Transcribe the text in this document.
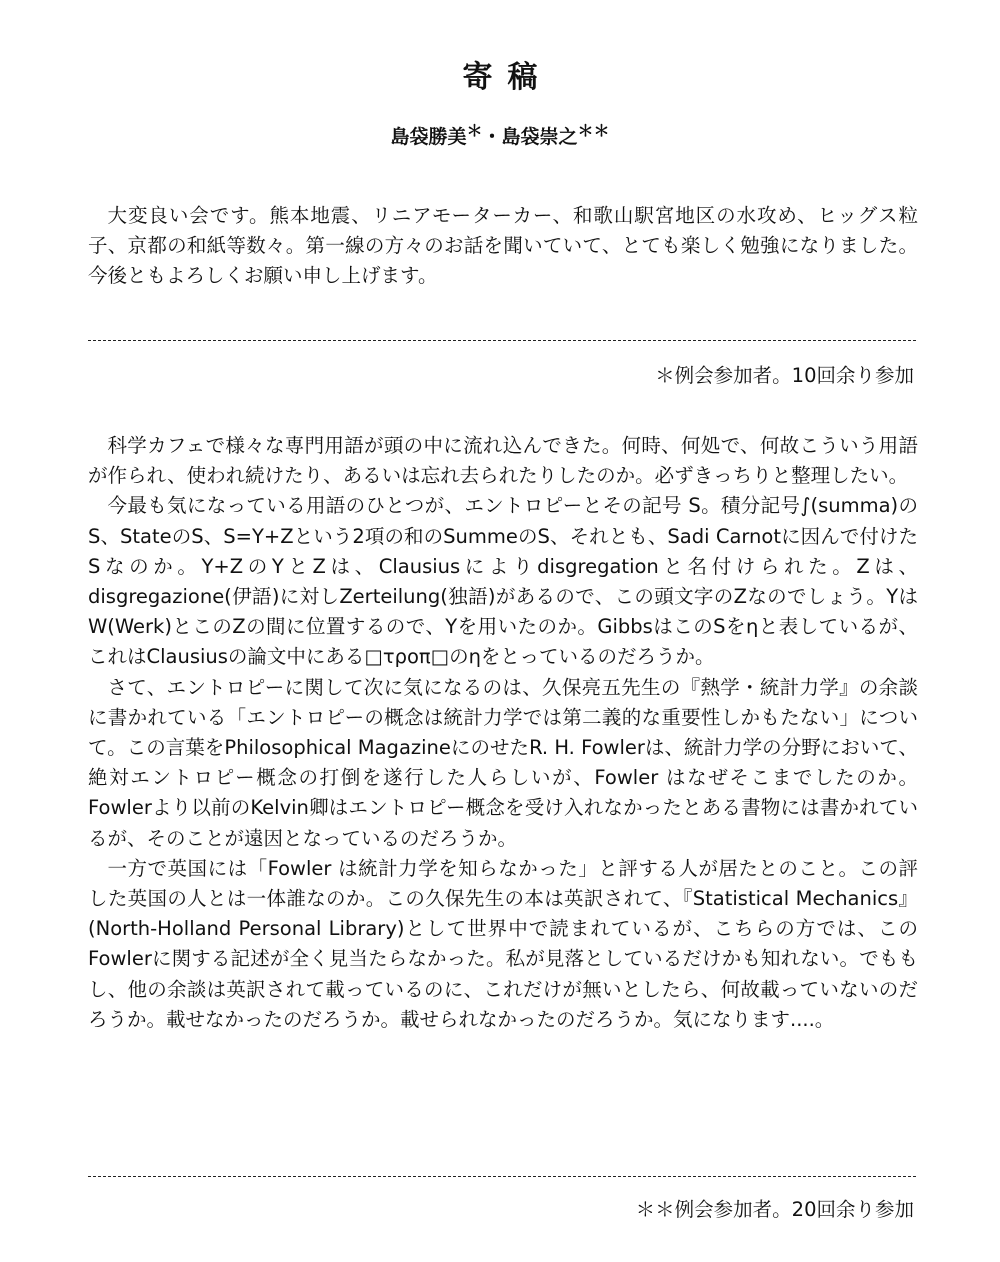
寄稿
島袋勝美＊・島袋崇之＊＊

大変良い会です。熊本地震、リニアモーターカー、和歌山駅宮地区の水攻め、ヒッグス粒子、京都の和紙等数々。第一線の方々のお話を聞いていて、とても楽しく勉強になりました。今後ともよろしくお願い申し上げます。

＊例会参加者。10回余り参加

科学カフェで様々な専門用語が頭の中に流れ込んできた。何時、何処で、何故こういう用語が作られ、使われ続けたり、あるいは忘れ去られたりしたのか。必ずきっちりと整理したい。

今最も気になっている用語のひとつが、エントロピーとその記号 S。積分記号∫(summa)のS、StateのS、S=Y+Zという2項の和のSummeのS、それとも、Sadi Carnotに因んで付けたSなのか。Y+ZのYとZは、Clausiusによりdisgregationと名付けられた。Zは、disgregazione(伊語)に対しZerteilung(独語)があるので、この頭文字のZなのでしょう。YはW(Werk)とこのZの間に位置するので、Yを用いたのか。GibbsはこのSをηと表しているが、これはClausiusの論文中にある□τροπ□のηをとっているのだろうか。

さて、エントロピーに関して次に気になるのは、久保亮五先生の『熱学・統計力学』の余談に書かれている「エントロピーの概念は統計力学では第二義的な重要性しかもたない」について。この言葉をPhilosophical MagazineにのせたR. H. Fowlerは、統計力学の分野において、絶対エントロピー概念の打倒を遂行した人らしいが、Fowler はなぜそこまでしたのか。Fowlerより以前のKelvin卿はエントロピー概念を受け入れなかったとある書物には書かれているが、そのことが遠因となっているのだろうか。

一方で英国には「Fowler は統計力学を知らなかった」と評する人が居たとのこと。この評した英国の人とは一体誰なのか。この久保先生の本は英訳されて、『Statistical Mechanics』(North-Holland Personal Library)として世界中で読まれているが、こちらの方では、このFowlerに関する記述が全く見当たらなかった。私が見落としているだけかも知れない。でももし、他の余談は英訳されて載っているのに、これだけが無いとしたら、何故載っていないのだろうか。載せなかったのだろうか。載せられなかったのだろうか。気になります....。

＊＊例会参加者。20回余り参加
